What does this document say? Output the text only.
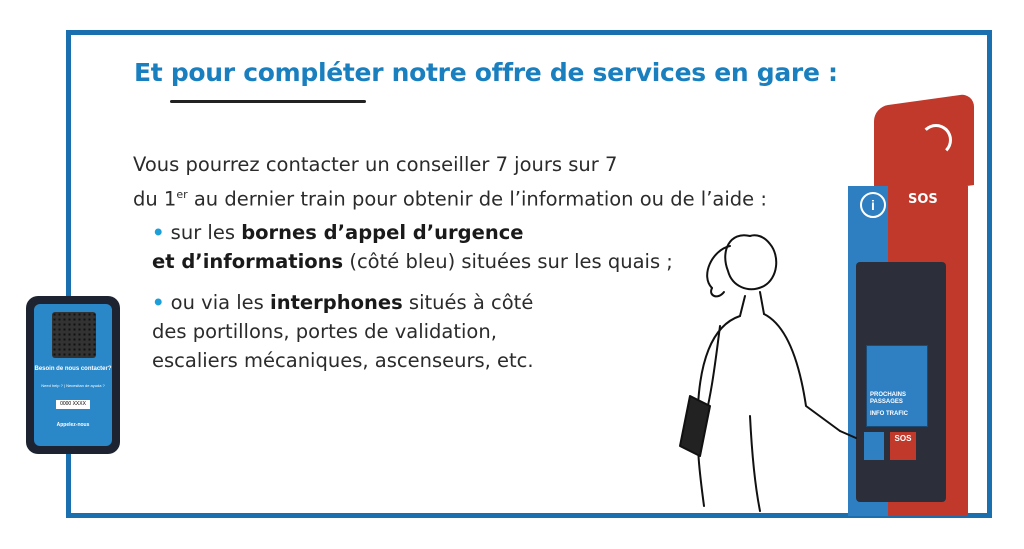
Et pour compléter notre offre de services en gare :
Vous pourrez contacter un conseiller 7 jours sur 7
du 1er au dernier train pour obtenir de l’information ou de l’aide :
• sur les bornes d’appel d’urgence
et d’informations (côté bleu) situées sur les quais ;
• ou via les interphones situés à côté
des portillons, portes de validation,
escaliers mécaniques, ascenseurs, etc.
Besoin de nous contacter?
Need help ? | Necesitan de ayuda ?
0000 XXXX
Appelez-nous
i	SOS
PROCHAINS
PASSAGES
INFO TRAFIC
SOS
